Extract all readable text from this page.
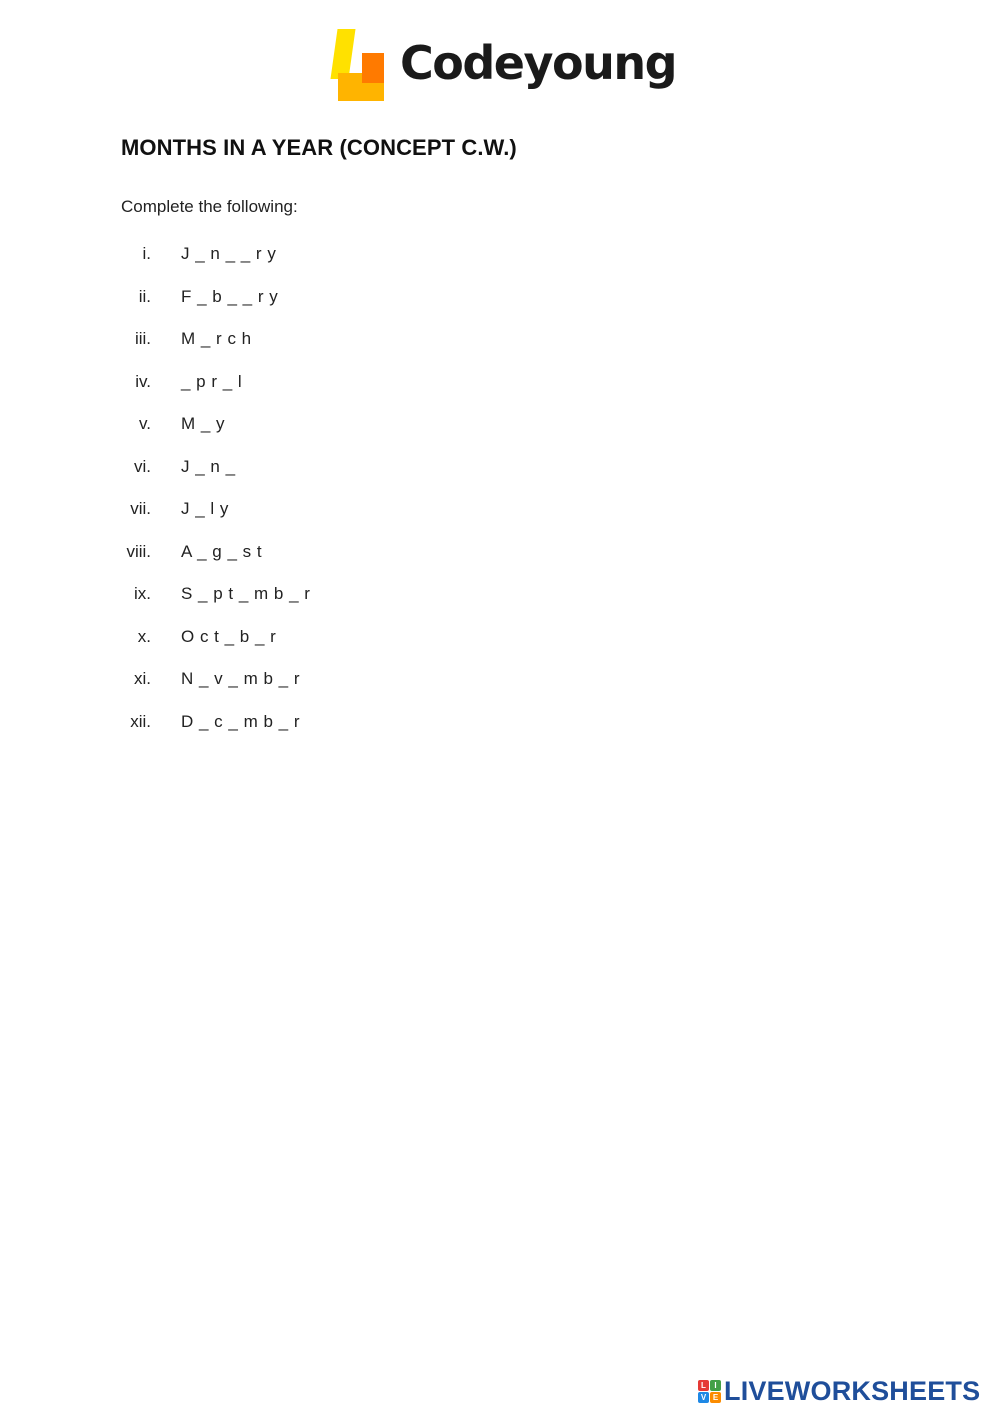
Codeyoung
MONTHS IN A YEAR (CONCEPT C.W.)
Complete the following:
i. J _ n _ _ r y
ii. F _ b _ _ r y
iii. M _ r c h
iv. _ p r _ l
v. M _ y
vi. J _ n _
vii. J _ l y
viii. A _ g _ s t
ix. S _ p t _ m b _ r
x. O c t _ b _ r
xi. N _ v _ m b _ r
xii. D _ c _ m b _ r
L	I
V E LIVEWORKSHEETS
